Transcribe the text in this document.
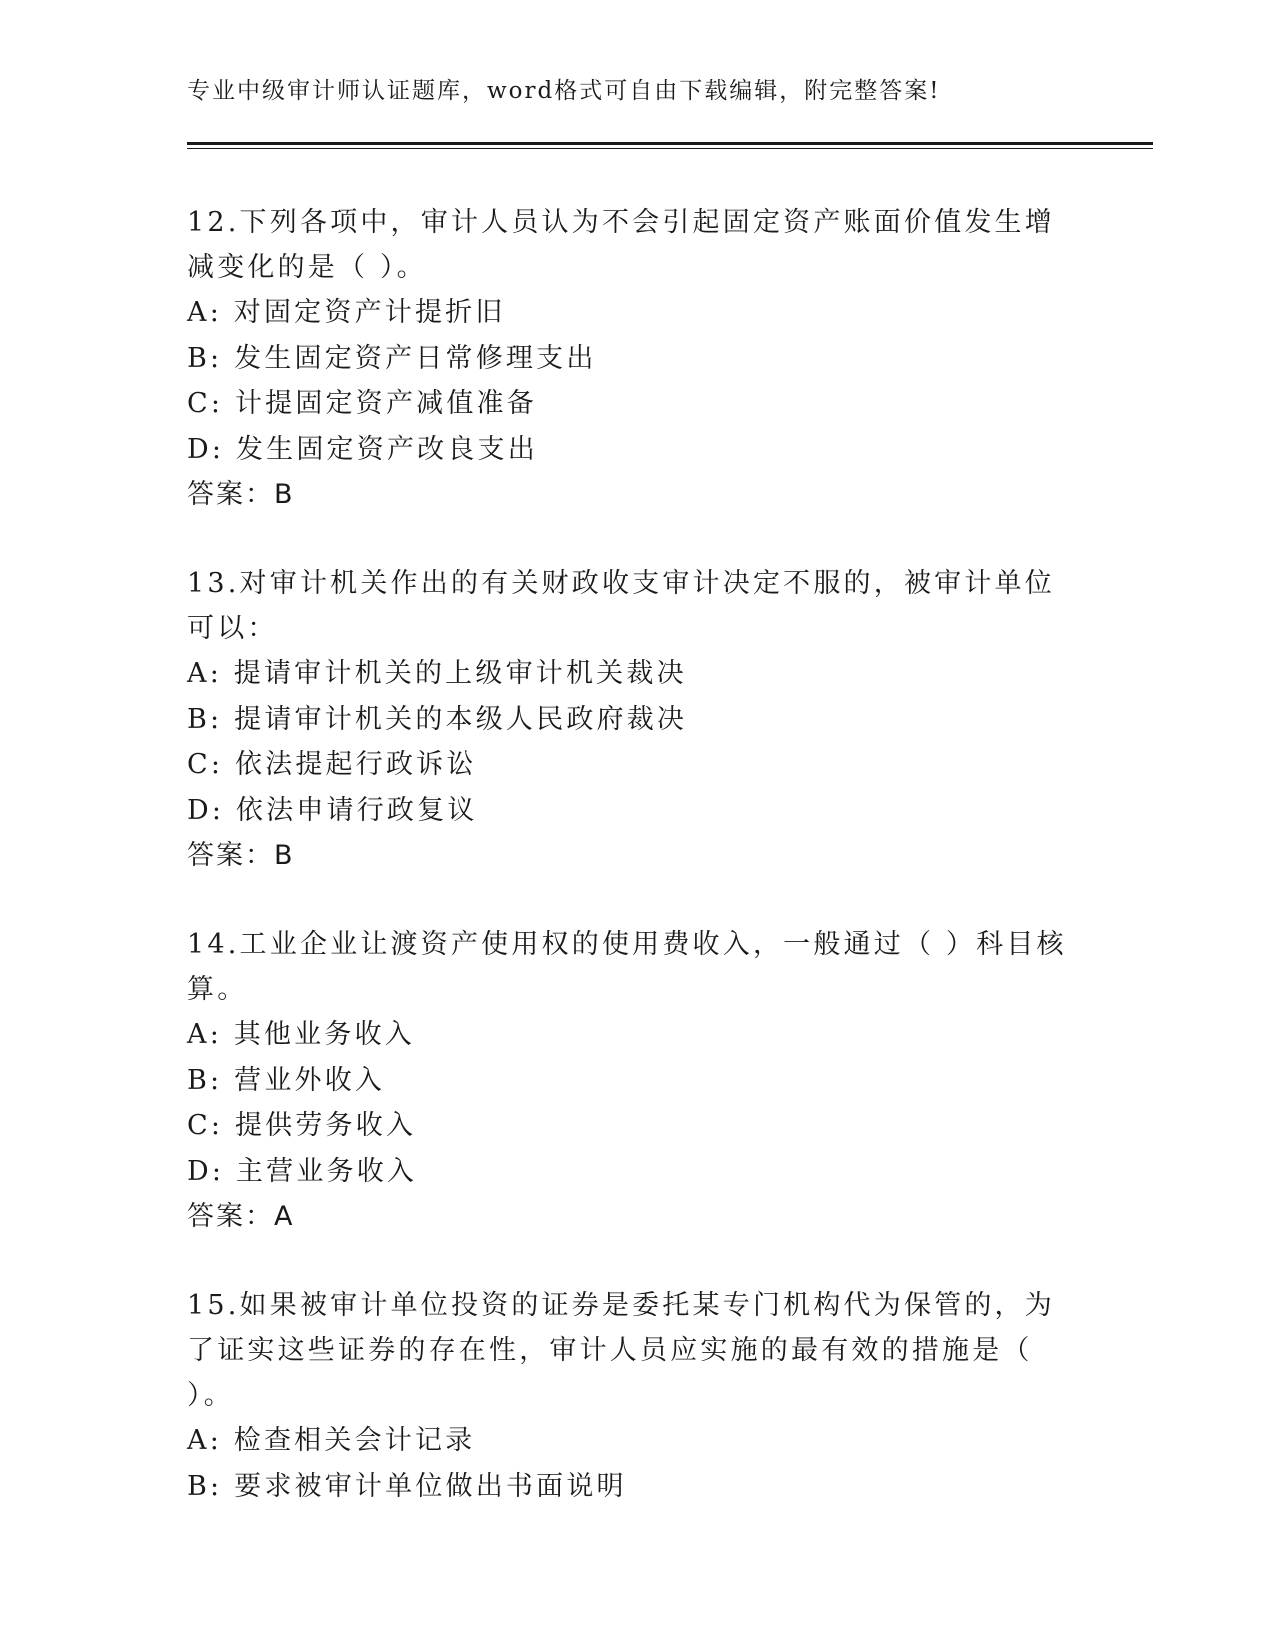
专业中级审计师认证题库，word格式可自由下载编辑，附完整答案!

12.下列各项中，审计人员认为不会引起固定资产账面价值发生增减变化的是（ ）。

A: 对固定资产计提折旧

B: 发生固定资产日常修理支出

C: 计提固定资产减值准备

D: 发生固定资产改良支出

答案：B

13.对审计机关作出的有关财政收支审计决定不服的，被审计单位可以：

A: 提请审计机关的上级审计机关裁决

B: 提请审计机关的本级人民政府裁决

C: 依法提起行政诉讼

D: 依法申请行政复议

答案：B

14.工业企业让渡资产使用权的使用费收入，一般通过（ ）科目核算。

A: 其他业务收入

B: 营业外收入

C: 提供劳务收入

D: 主营业务收入

答案：A

15.如果被审计单位投资的证券是委托某专门机构代为保管的，为了证实这些证券的存在性，审计人员应实施的最有效的措施是（ ）。

A: 检查相关会计记录

B: 要求被审计单位做出书面说明
